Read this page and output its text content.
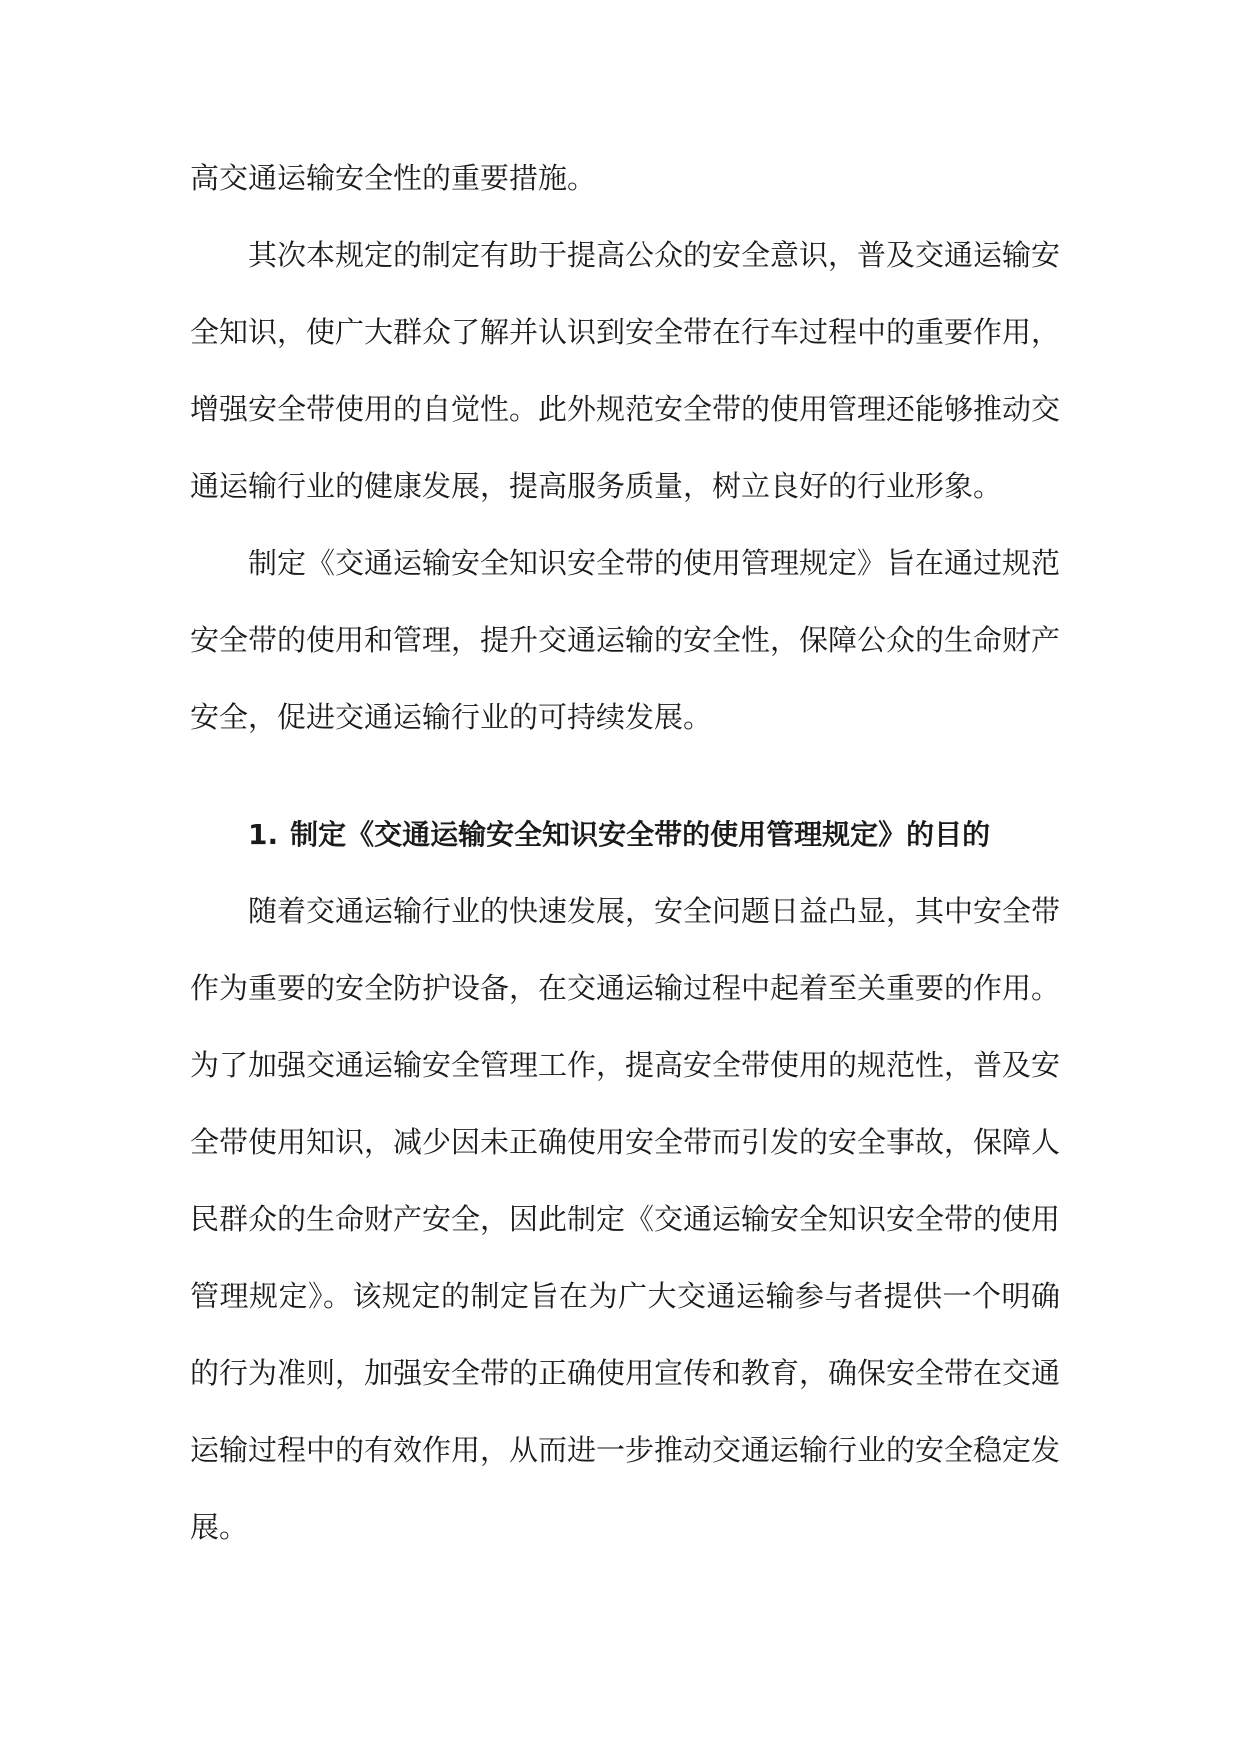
高交通运输安全性的重要措施。
其次本规定的制定有助于提高公众的安全意识，普及交通运输安
全知识，使广大群众了解并认识到安全带在行车过程中的重要作用，
增强安全带使用的自觉性。此外规范安全带的使用管理还能够推动交
通运输行业的健康发展，提高服务质量，树立良好的行业形象。
制定《交通运输安全知识安全带的使用管理规定》旨在通过规范
安全带的使用和管理，提升交通运输的安全性，保障公众的生命财产
安全，促进交通运输行业的可持续发展。
1. 制定《交通运输安全知识安全带的使用管理规定》的目的
随着交通运输行业的快速发展，安全问题日益凸显，其中安全带
作为重要的安全防护设备，在交通运输过程中起着至关重要的作用。
为了加强交通运输安全管理工作，提高安全带使用的规范性，普及安
全带使用知识，减少因未正确使用安全带而引发的安全事故，保障人
民群众的生命财产安全，因此制定《交通运输安全知识安全带的使用
管理规定》。该规定的制定旨在为广大交通运输参与者提供一个明确
的行为准则，加强安全带的正确使用宣传和教育，确保安全带在交通
运输过程中的有效作用，从而进一步推动交通运输行业的安全稳定发
展。
